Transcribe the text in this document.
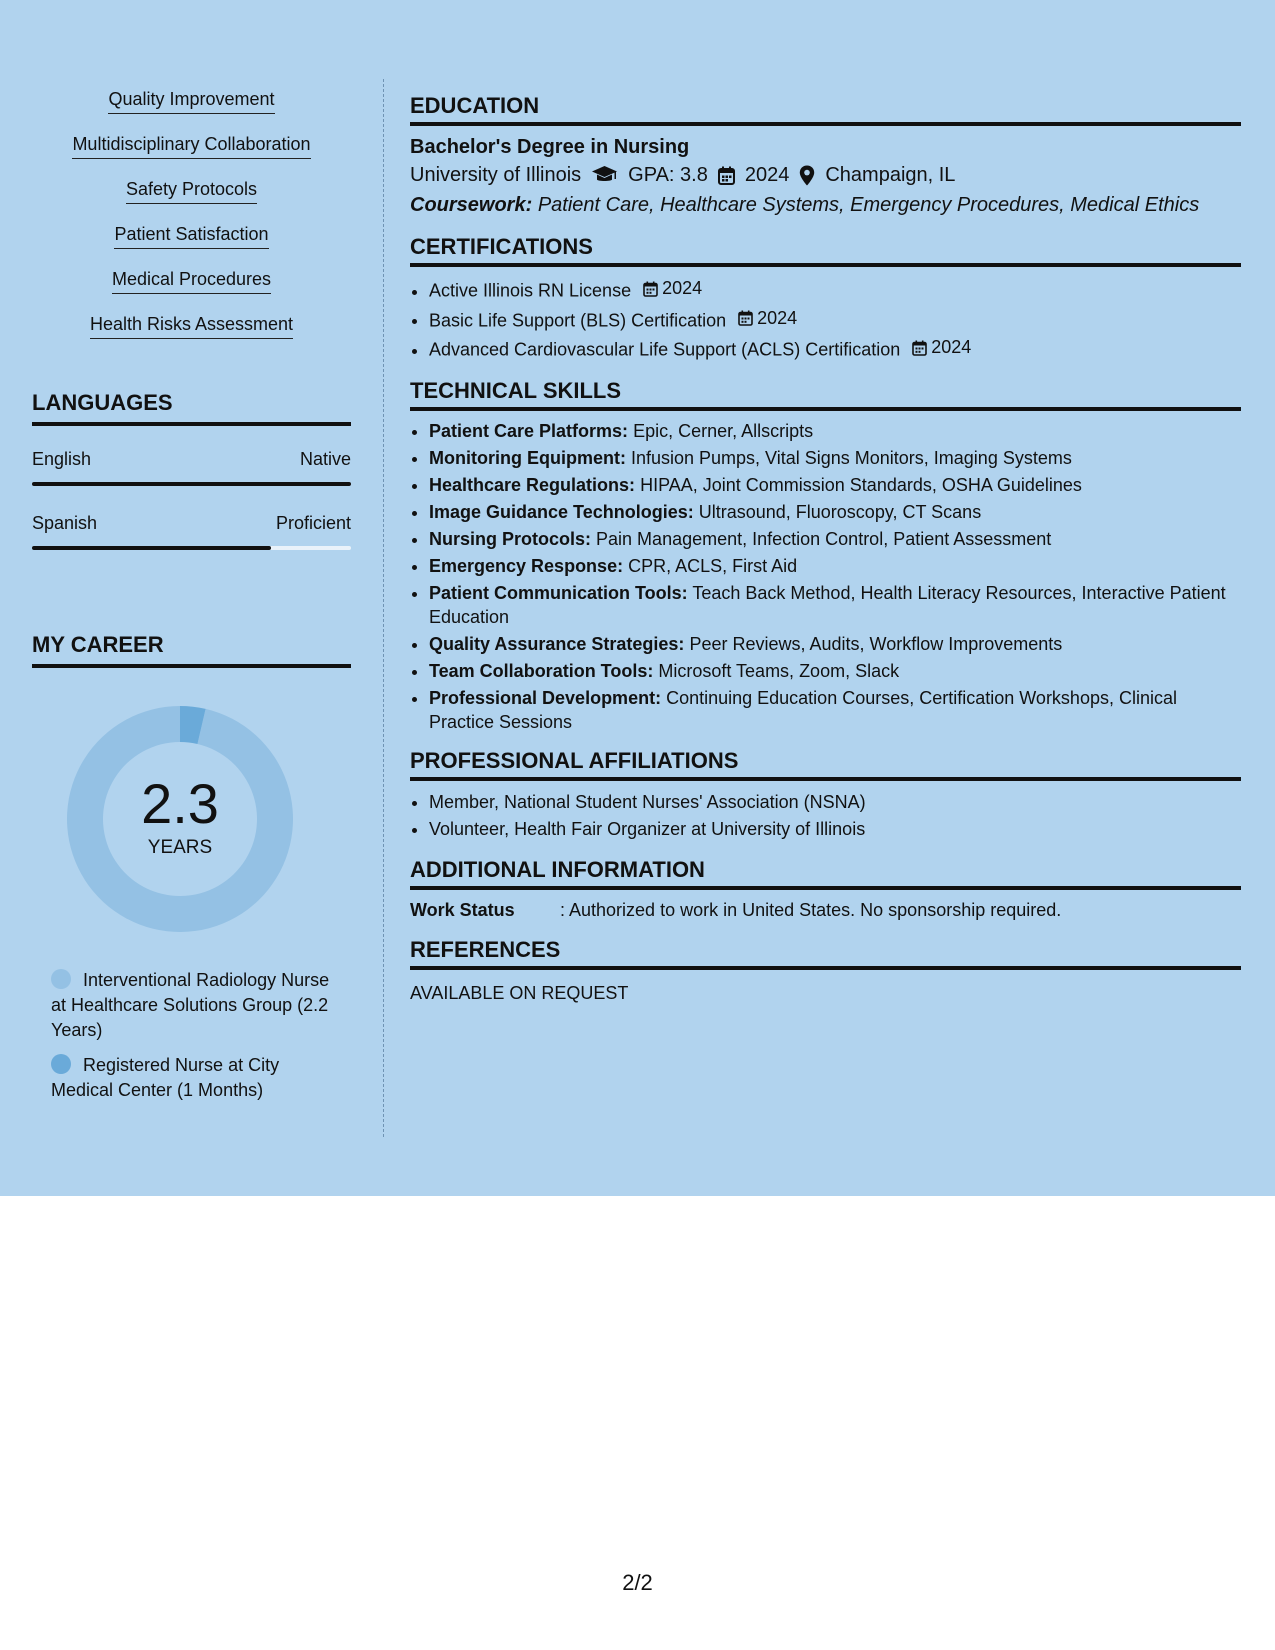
Quality Improvement
Multidisciplinary Collaboration
Safety Protocols
Patient Satisfaction
Medical Procedures
Health Risks Assessment
LANGUAGES
English	Native
Spanish	Proficient
MY CAREER
2.3
YEARS
Interventional Radiology Nurse at Healthcare Solutions Group (2.2 Years)
Registered Nurse at City Medical Center (1 Months)
EDUCATION
Bachelor's Degree in Nursing
University of Illinois GPA: 3.8 2024 Champaign, IL
Coursework: Patient Care, Healthcare Systems, Emergency Procedures, Medical Ethics
CERTIFICATIONS
• Active Illinois RN License 2024
• Basic Life Support (BLS) Certification 2024
• Advanced Cardiovascular Life Support (ACLS) Certification 2024
TECHNICAL SKILLS
• Patient Care Platforms: Epic, Cerner, Allscripts
• Monitoring Equipment: Infusion Pumps, Vital Signs Monitors, Imaging Systems
• Healthcare Regulations: HIPAA, Joint Commission Standards, OSHA Guidelines
• Image Guidance Technologies: Ultrasound, Fluoroscopy, CT Scans
• Nursing Protocols: Pain Management, Infection Control, Patient Assessment
• Emergency Response: CPR, ACLS, First Aid
• Patient Communication Tools: Teach Back Method, Health Literacy Resources, Interactive Patient Education
• Quality Assurance Strategies: Peer Reviews, Audits, Workflow Improvements
• Team Collaboration Tools: Microsoft Teams, Zoom, Slack
• Professional Development: Continuing Education Courses, Certification Workshops, Clinical Practice Sessions
PROFESSIONAL AFFILIATIONS
• Member, National Student Nurses' Association (NSNA)
• Volunteer, Health Fair Organizer at University of Illinois
ADDITIONAL INFORMATION
Work Status	: Authorized to work in United States. No sponsorship required.
REFERENCES
AVAILABLE ON REQUEST
2/2
